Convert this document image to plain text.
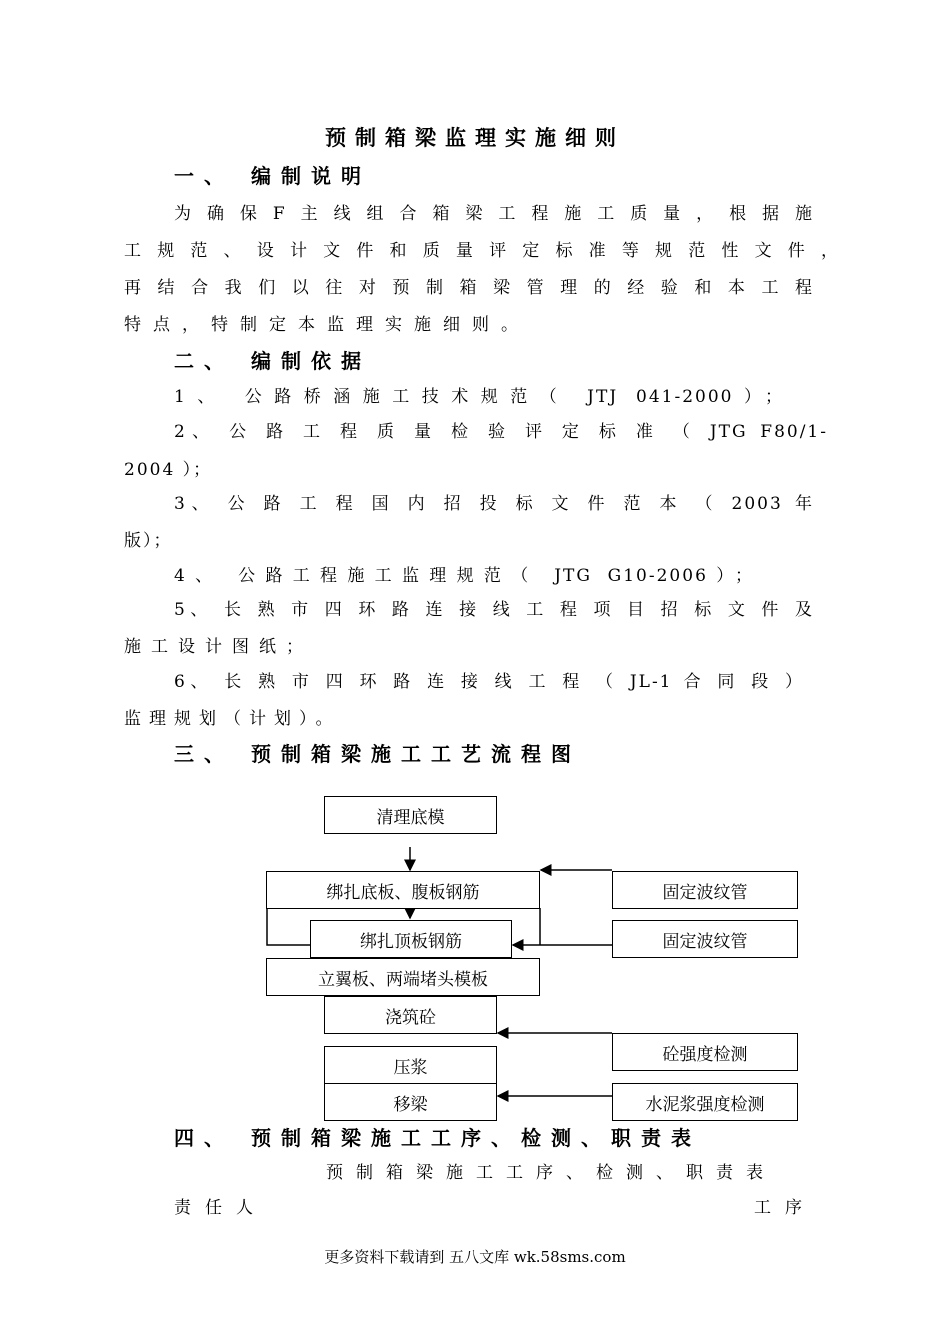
预制箱梁监理实施细则
一、 编制说明
为确保F主线组合箱梁工程施工质量，根据施
工规范、设计文件和质量评定标准等规范性文件，
再结合我们以往对预制箱梁管理的经验和本工程
特点，特制定本监理实施细则。
二、 编制依据
1、 公路桥涵施工技术规范（ JTJ 041-2000）；
2、 公 路 工 程 质 量 检 验 评 定 标 准 （ JTG F80/1-
2004 ）；
3、 公 路 工 程 国 内 招 投 标 文 件 范 本 （ 2003 年
版）；
4、 公路工程施工监理规范（ JTG G10-2006）；
5、 长 熟 市 四 环 路 连 接 线 工 程 项 目 招 标 文 件 及
施工设计图纸；
6、 长 熟 市 四 环 路 连 接 线 工 程 （ JL-1 合 同 段 ）
监理规划（计划）。
三、 预制箱梁施工工艺流程图
清理底模
绑扎底板、腹板钢筋
绑扎顶板钢筋
立翼板、两端堵头模板
浇筑砼
压浆
移梁
固定波纹管
固定波纹管
砼强度检测
水泥浆强度检测
四、 预制箱梁施工工序、检测、职责表
预制箱梁施工工序、检测、职责表
责任人	工序
更多资料下载请到 五八文库 wk.58sms.com
